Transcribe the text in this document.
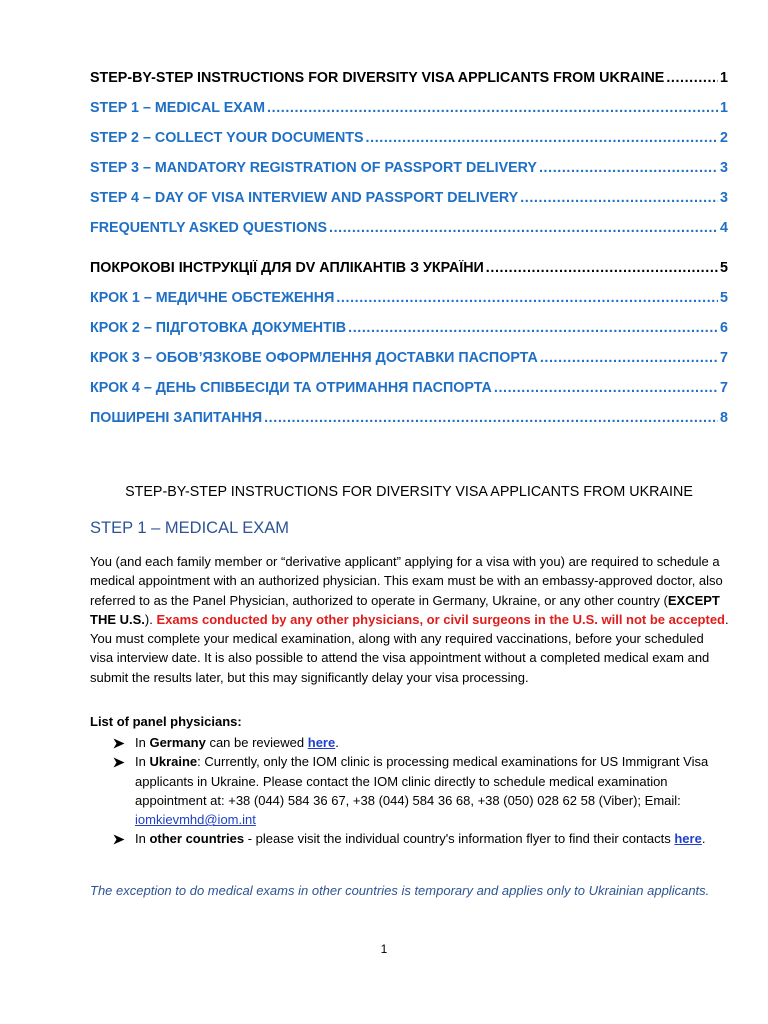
STEP-BY-STEP INSTRUCTIONS FOR DIVERSITY VISA APPLICANTS FROM UKRAINE .....	1
STEP 1 – MEDICAL EXAM .....	1
STEP 2 – COLLECT YOUR DOCUMENTS .....	2
STEP 3 – MANDATORY REGISTRATION OF PASSPORT DELIVERY .....	3
STEP 4 – DAY OF VISA INTERVIEW AND PASSPORT DELIVERY .....	3
FREQUENTLY ASKED QUESTIONS .....	4
ПОКРОКОВІ ІНСТРУКЦІЇ ДЛЯ DV АПЛІКАНТІВ З УКРАЇНИ .....	5
КРОК 1 – МЕДИЧНЕ ОБСТЕЖЕННЯ .....	5
КРОК 2 – ПІДГОТОВКА ДОКУМЕНТІВ .....	6
КРОК 3 – ОБОВ’ЯЗКОВЕ ОФОРМЛЕННЯ ДОСТАВКИ ПАСПОРТА .....	7
КРОК 4 – ДЕНЬ СПІВБЕСІДИ ТА ОТРИМАННЯ ПАСПОРТА .....	7
ПОШИРЕНІ ЗАПИТАННЯ .....	8
STEP-BY-STEP INSTRUCTIONS FOR DIVERSITY VISA APPLICANTS FROM UKRAINE
STEP 1 – MEDICAL EXAM

You (and each family member or “derivative applicant” applying for a visa with you) are required to schedule a medical appointment with an authorized physician. This exam must be with an embassy-approved doctor, also referred to as the Panel Physician, authorized to operate in Germany, Ukraine, or any other country (EXCEPT THE U.S.). Exams conducted by any other physicians, or civil surgeons in the U.S. will not be accepted. You must complete your medical examination, along with any required vaccinations, before your scheduled visa interview date. It is also possible to attend the visa appointment without a completed medical exam and submit the results later, but this may significantly delay your visa processing.

List of panel physicians:
In Germany can be reviewed here.
In Ukraine: Currently, only the IOM clinic is processing medical examinations for US Immigrant Visa applicants in Ukraine. Please contact the IOM clinic directly to schedule medical examination appointment at: +38 (044) 584 36 67, +38 (044) 584 36 68, +38 (050) 028 62 58 (Viber); Email: iomkievmhd@iom.int
In other countries - please visit the individual country's information flyer to find their contacts here.

The exception to do medical exams in other countries is temporary and applies only to Ukrainian applicants.

1
